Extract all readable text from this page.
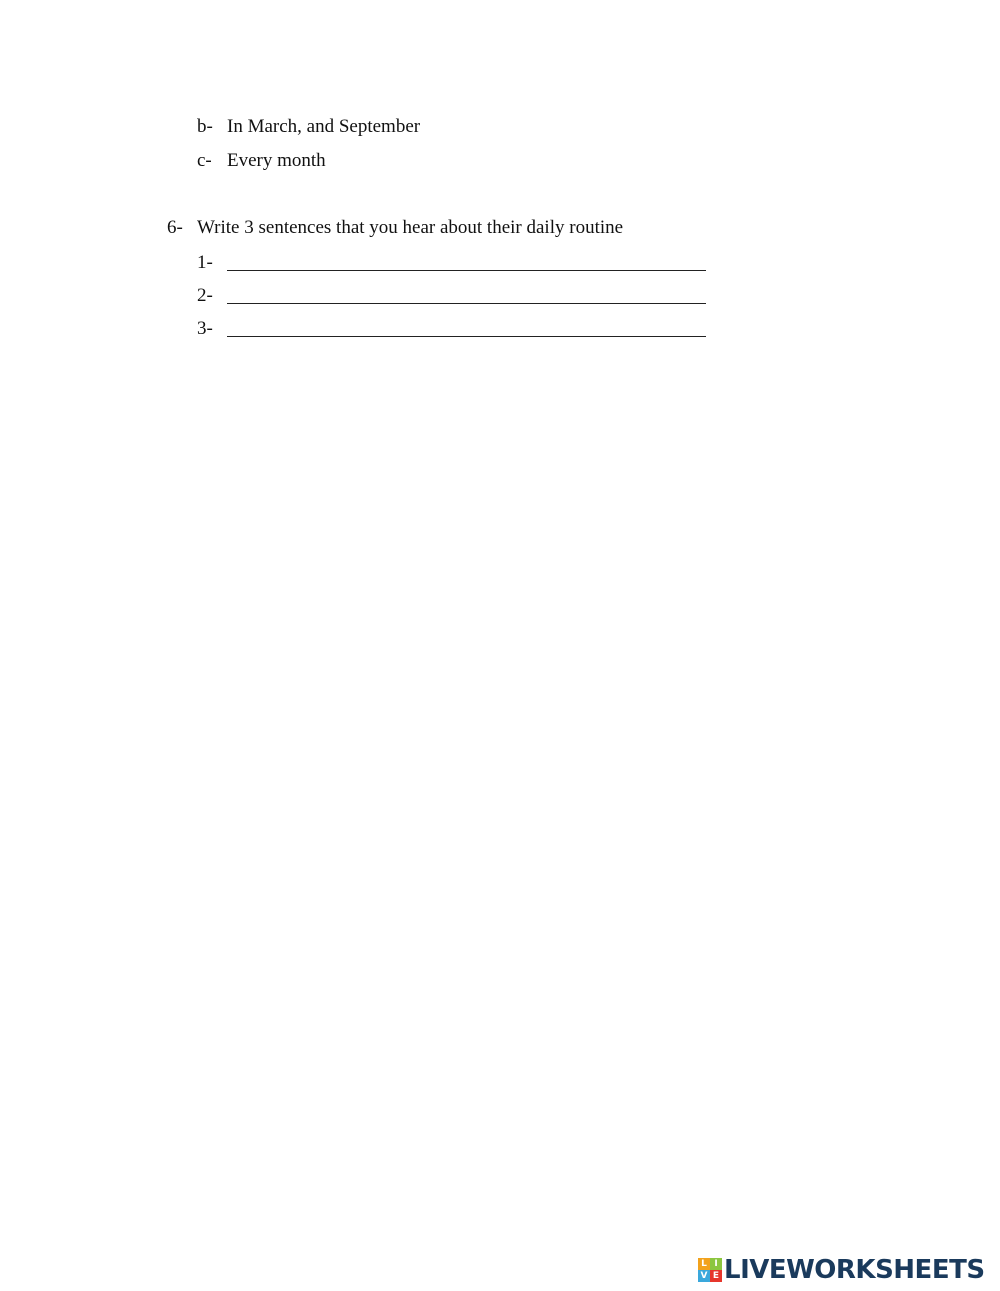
b- In March, and September
c- Every month
6- Write 3 sentences that you hear about their daily routine
1-
2-
3-
L I
V E LIVEWORKSHEETS
